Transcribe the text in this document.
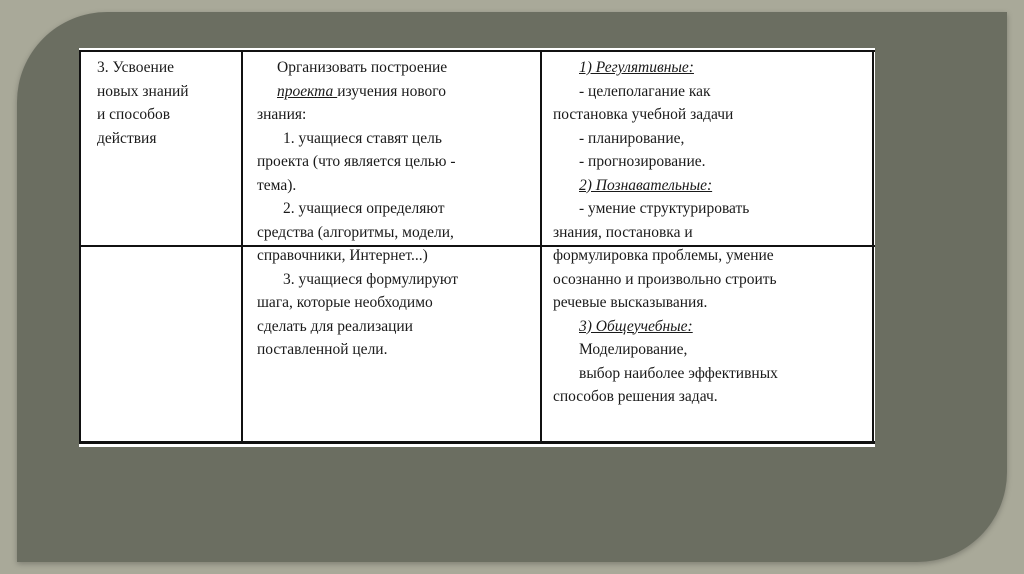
3. Усвоение
новых знаний
и способов
действия
Организовать построение
проекта изучения нового
знания:
1. учащиеся ставят цель
проекта (что является целью -
тема).
2. учащиеся определяют
средства (алгоритмы, модели,
справочники, Интернет...)
3. учащиеся формулируют
шага, которые необходимо
сделать для реализации
поставленной цели.
1) Регулятивные:
- целеполагание как
постановка учебной задачи
- планирование,
- прогнозирование.
2) Познавательные:
- умение структурировать
знания, постановка и
формулировка проблемы, умение
осознанно и произвольно строить
речевые высказывания.
3) Общеучебные:
Моделирование,
выбор наиболее эффективных
способов решения задач.
